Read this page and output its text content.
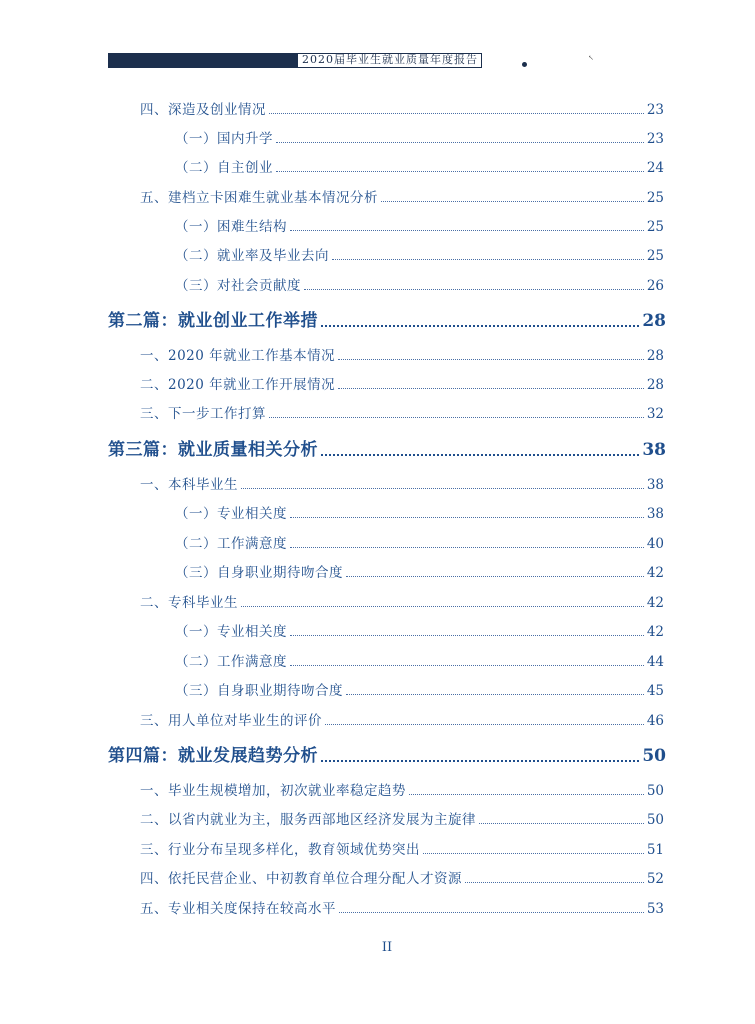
2020届毕业生就业质量年度报告	↖
四、深造及创业情况	23
（一）国内升学	23
（二）自主创业	24
五、建档立卡困难生就业基本情况分析	25
（一）困难生结构	25
（二）就业率及毕业去向	25
（三）对社会贡献度	26
第二篇：就业创业工作举措	28
一、2020 年就业工作基本情况	28
二、2020 年就业工作开展情况	28
三、下一步工作打算	32
第三篇：就业质量相关分析	38
一、本科毕业生	38
（一）专业相关度	38
（二）工作满意度	40
（三）自身职业期待吻合度	42
二、专科毕业生	42
（一）专业相关度	42
（二）工作满意度	44
（三）自身职业期待吻合度	45
三、用人单位对毕业生的评价	46
第四篇：就业发展趋势分析	50
一、毕业生规模增加，初次就业率稳定趋势	50
二、以省内就业为主，服务西部地区经济发展为主旋律	50
三、行业分布呈现多样化，教育领域优势突出	51
四、依托民营企业、中初教育单位合理分配人才资源	52
五、专业相关度保持在较高水平	53
II
